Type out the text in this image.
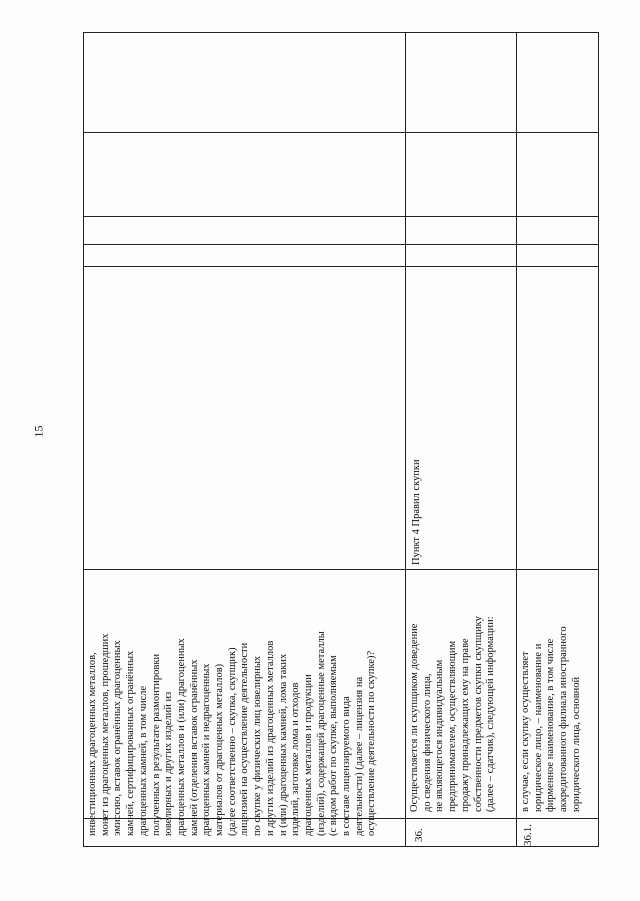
15
инвестиционных драгоценных металлов, монет из драгоценных металлов, прошедших эмиссию, вставок огранённых драгоценных камней, сертифицированных огранённых драгоценных камней, в том числе полученных в результате размонтировки ювелирных и других изделий из драгоценных металлов и (или) драгоценных камней (отделения вставок огранённых драгоценных камней и недрагоценных материалов от драгоценных металлов) (далее соответственно – скупка, скупщик) лицензией на осуществление деятельности по скупке у физических лиц ювелирных и других изделий из драгоценных металлов и (или) драгоценных камней, лома таких изделий, заготовке лома и отходов драгоценных металлов и продукции (изделий), содержащей драгоценные металлы (с видом работ по скупке, выполняемым в составе лицензируемого вида деятельности) (далее – лицензия на осуществление деятельности по скупке)?	36.
Осуществляется ли скупщиком доведение до сведения физического лица, не являющегося индивидуальным предпринимателем, осуществляющим продажу принадлежащих ему на праве собственности предметов скупки скупщику (далее – сдатчик), следующей информации:
Пункт 4 Правил скупки
36.1.
в случае, если скупку осуществляет юридическое лицо, – наименование и фирменное наименование, в том числе аккредитованного филиала иностранного юридического лица, основной
